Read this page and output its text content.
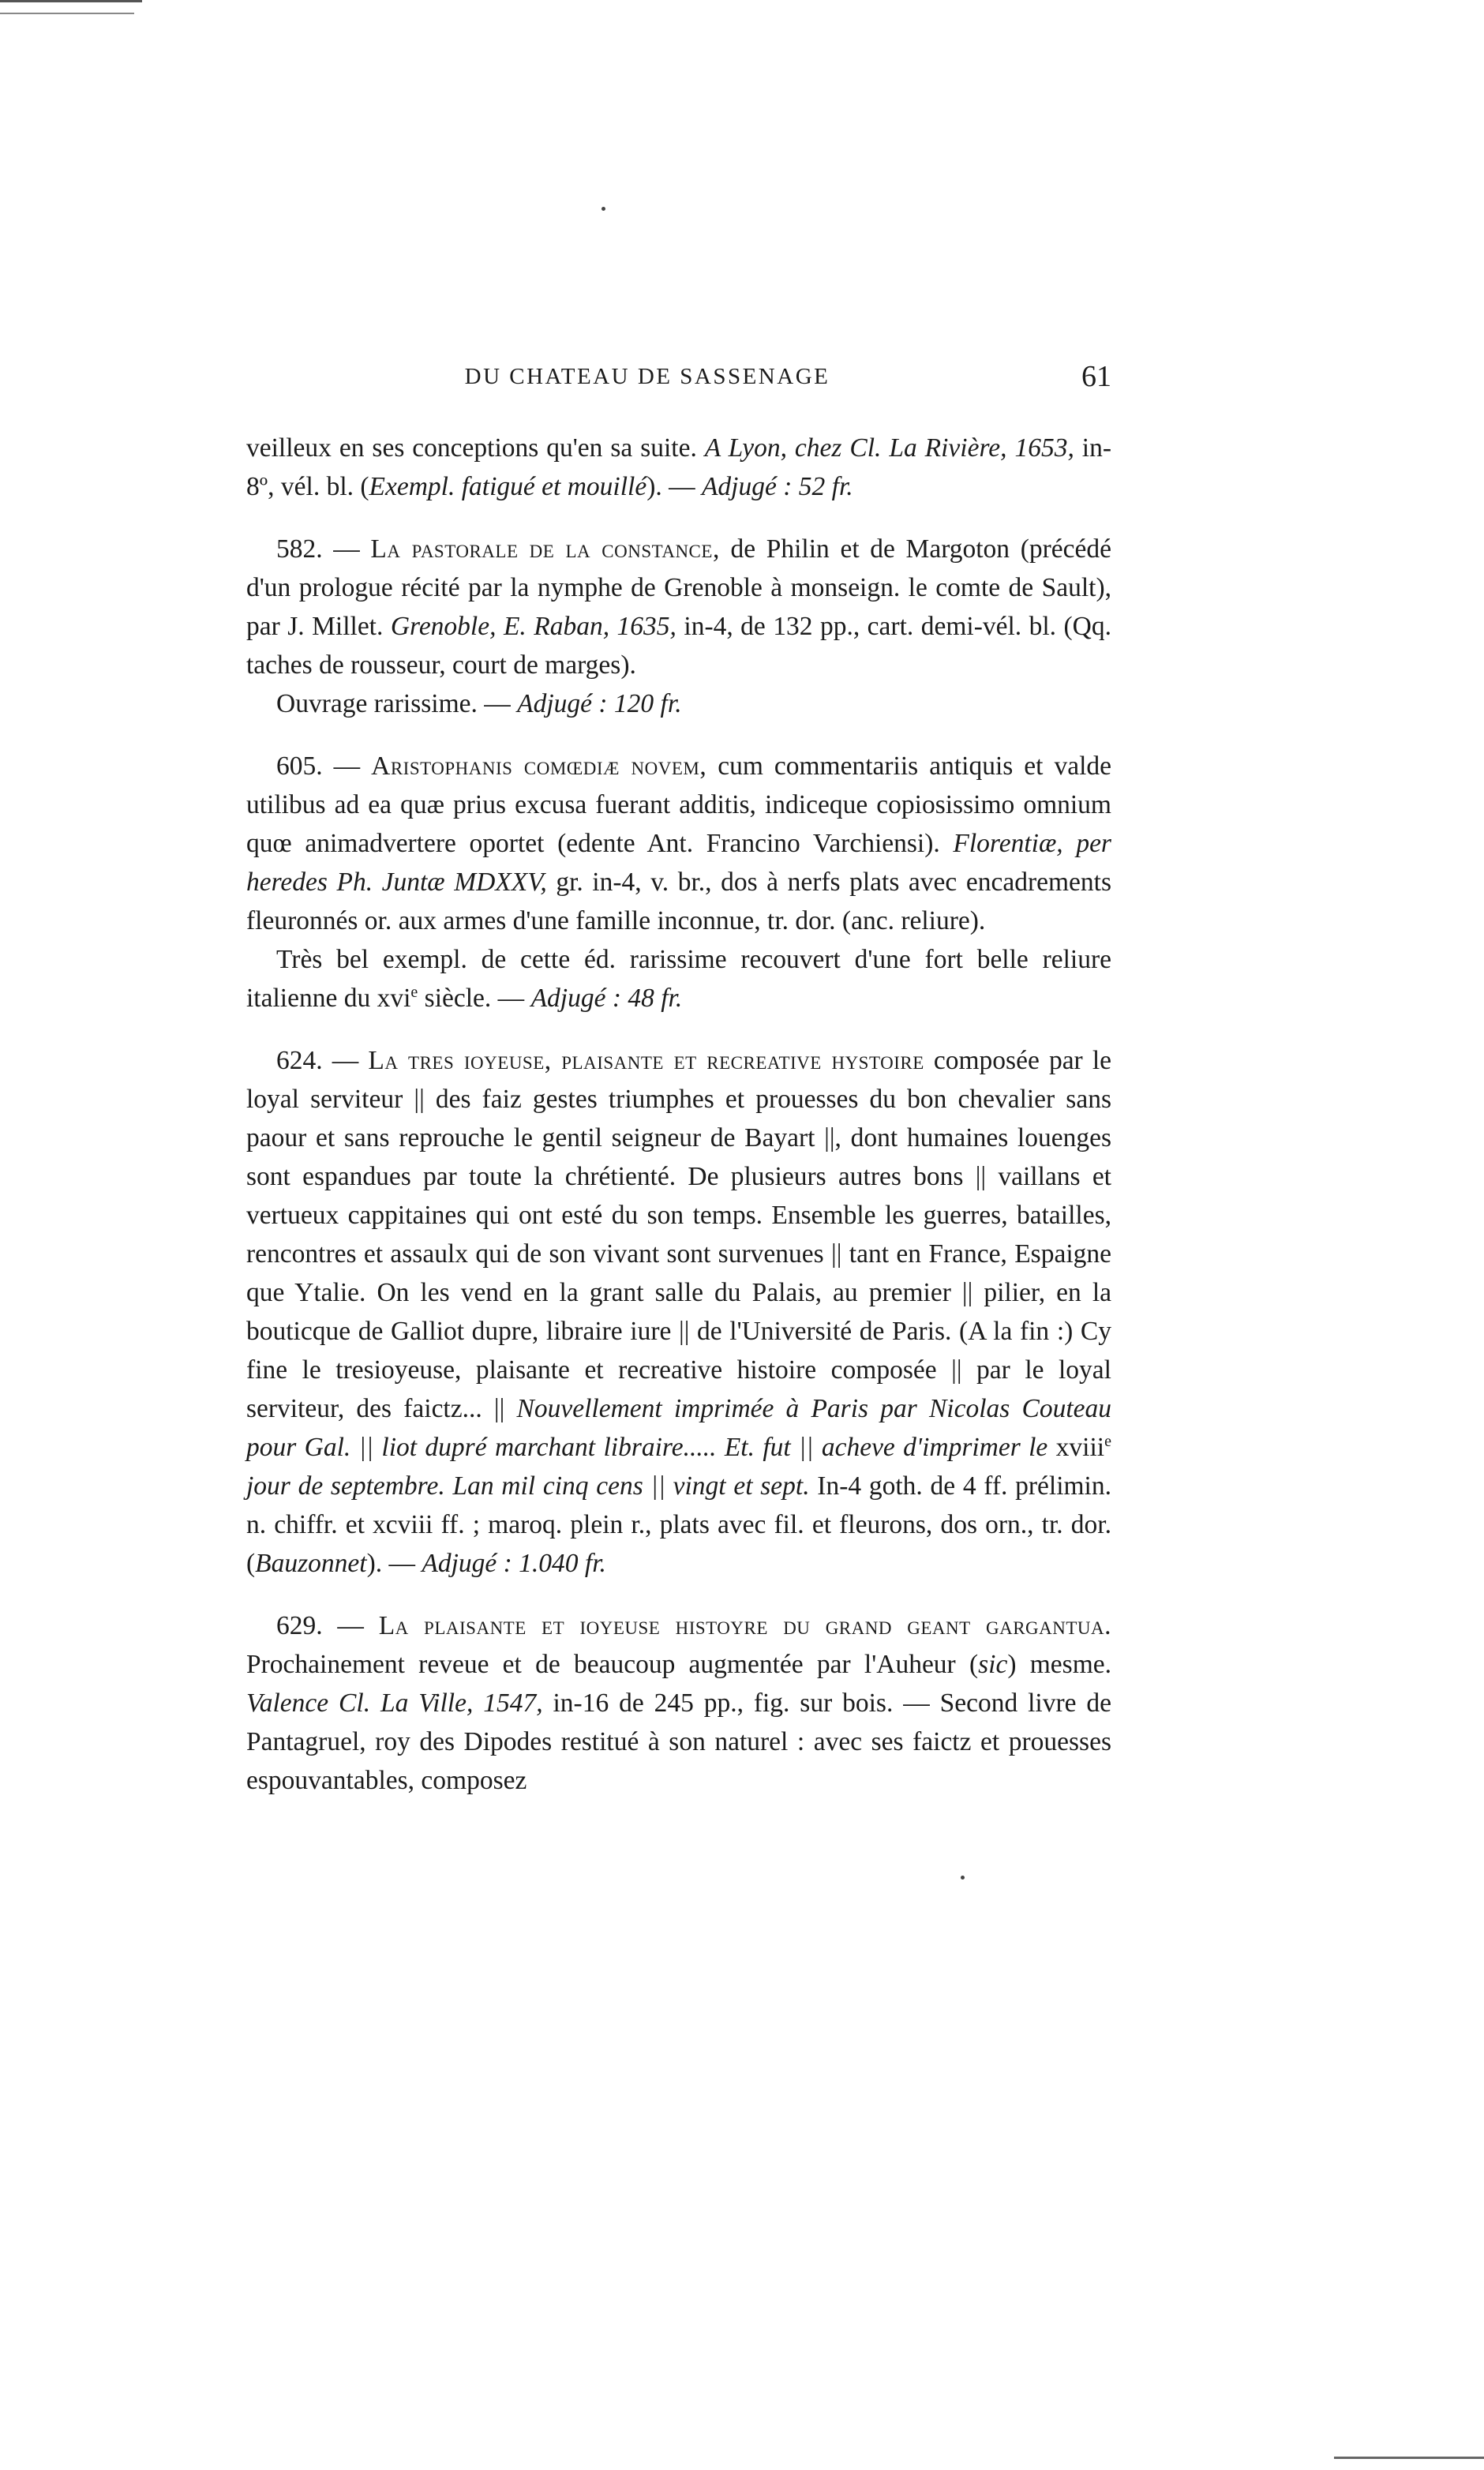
DU CHATEAU DE SASSENAGE	61

veilleux en ses conceptions qu'en sa suite. A Lyon, chez Cl. La Rivière, 1653, in-8º, vél. bl. (Exempl. fatigué et mouillé). — Adjugé : 52 fr.

582. — La pastorale de la constance, de Philin et de Margoton (précédé d'un prologue récité par la nymphe de Grenoble à monseign. le comte de Sault), par J. Millet. Grenoble, E. Raban, 1635, in-4, de 132 pp., cart. demi-vél. bl. (Qq. taches de rousseur, court de marges).

Ouvrage rarissime. — Adjugé : 120 fr.

605. — Aristophanis comœdiæ novem, cum commentariis antiquis et valde utilibus ad ea quæ prius excusa fuerant additis, indiceque copiosissimo omnium quœ animadvertere oportet (edente Ant. Francino Varchiensi). Florentiæ, per heredes Ph. Juntæ MDXXV, gr. in-4, v. br., dos à nerfs plats avec encadrements fleuronnés or. aux armes d'une famille inconnue, tr. dor. (anc. reliure).

Très bel exempl. de cette éd. rarissime recouvert d'une fort belle reliure italienne du xvi$^e$ siècle. — Adjugé : 48 fr.

624. — La tres ioyeuse, plaisante et recreative hystoire composée par le loyal serviteur || des faiz gestes triumphes et prouesses du bon chevalier sans paour et sans reprouche le gentil seigneur de Bayart ||, dont humaines louenges sont espandues par toute la chrétienté. De plusieurs autres bons || vaillans et vertueux cappitaines qui ont esté du son temps. Ensemble les guerres, batailles, rencontres et assaulx qui de son vivant sont survenues || tant en France, Espaigne que Ytalie. On les vend en la grant salle du Palais, au premier || pilier, en la bouticque de Galliot dupre, libraire iure || de l'Université de Paris. (A la fin :) Cy fine le tresioyeuse, plaisante et recreative histoire composée || par le loyal serviteur, des faictz... || Nouvellement imprimée à Paris par Nicolas Couteau pour Gal. || liot dupré marchant libraire..... Et. fut || acheve d'imprimer le xviii$^e$ jour de septembre. Lan mil cinq cens || vingt et sept. In-4 goth. de 4 ff. prélimin. n. chiffr. et xcviii ff. ; maroq. plein r., plats avec fil. et fleurons, dos orn., tr. dor. (Bauzonnet). — Adjugé : 1.040 fr.

629. — La plaisante et ioyeuse histoyre du grand geant gargantua. Prochainement reveue et de beaucoup augmentée par l'Auheur (sic) mesme. Valence Cl. La Ville, 1547, in-16 de 245 pp., fig. sur bois. — Second livre de Pantagruel, roy des Dipodes restitué à son naturel : avec ses faictz et prouesses espouvantables, composez
